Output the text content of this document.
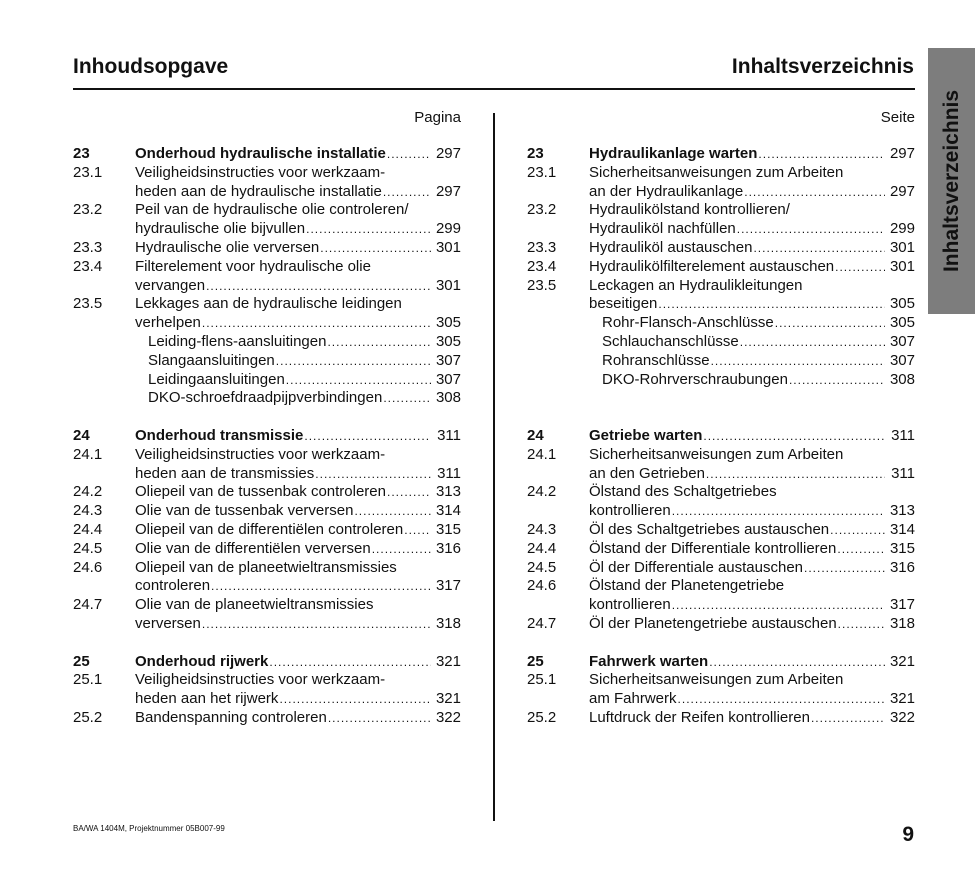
Inhoudsopgave	Inhaltsverzeichnis
Inhaltsverzeichnis
Pagina
23	Onderhoud hydraulische installatie .....	297
23.1 Veiligheidsinstructies voor werkzaam-
heden aan de hydraulische installatie .....	297
23.2 Peil van de hydraulische olie controleren/
hydraulische olie bijvullen .....	299
23.3 Hydraulische olie verversen .....	301
23.4 Filterelement voor hydraulische olie
vervangen .....	301
23.5 Lekkages aan de hydraulische leidingen
verhelpen .....	305
Leiding-flens-aansluitingen .....	305
Slangaansluitingen .....	307
Leidingaansluitingen .....	307
DKO-schroefdraadpijpverbindingen .....	308
24	Onderhoud transmissie .....	311
24.1 Veiligheidsinstructies voor werkzaam-
heden aan de transmissies .....	311
24.2 Oliepeil van de tussenbak controleren .....	313
24.3 Olie van de tussenbak verversen .....	314
24.4 Oliepeil van de differentiëlen controleren ..... 315
24.5 Olie van de differentiëlen verversen .....	316
24.6 Oliepeil van de planeetwieltransmissies
controleren .....	317
24.7 Olie van de planeetwieltransmissies
verversen .....	318
25	Onderhoud rijwerk .....	321
25.1 Veiligheidsinstructies voor werkzaam-
heden aan het rijwerk .....	321
25.2 Bandenspanning controleren .....	322
Seite
23	Hydraulikanlage warten .....	297
23.1 Sicherheitsanweisungen zum Arbeiten
an der Hydraulikanlage .....	297
23.2 Hydraulikölstand kontrollieren/
Hydrauliköl nachfüllen .....	299
23.3 Hydrauliköl austauschen .....	301
23.4 Hydraulikölfilterelement austauschen .....	301
23.5 Leckagen an Hydraulikleitungen
beseitigen .....	305
Rohr-Flansch-Anschlüsse .....	305
Schlauchanschlüsse .....	307
Rohranschlüsse .....	307
DKO-Rohrverschraubungen .....	308
24	Getriebe warten .....	311
24.1 Sicherheitsanweisungen zum Arbeiten
an den Getrieben .....	311
24.2 Ölstand des Schaltgetriebes
kontrollieren .....	313
24.3 Öl des Schaltgetriebes austauschen .....	314
24.4 Ölstand der Differentiale kontrollieren .....	315
24.5 Öl der Differentiale austauschen .....	316
24.6 Ölstand der Planetengetriebe
kontrollieren .....	317
24.7 Öl der Planetengetriebe austauschen .....	318
25	Fahrwerk warten .....	321
25.1 Sicherheitsanweisungen zum Arbeiten
am Fahrwerk .....	321
25.2 Luftdruck der Reifen kontrollieren .....	322
BA/WA 1404M, Projektnummer 05B007-99	9
